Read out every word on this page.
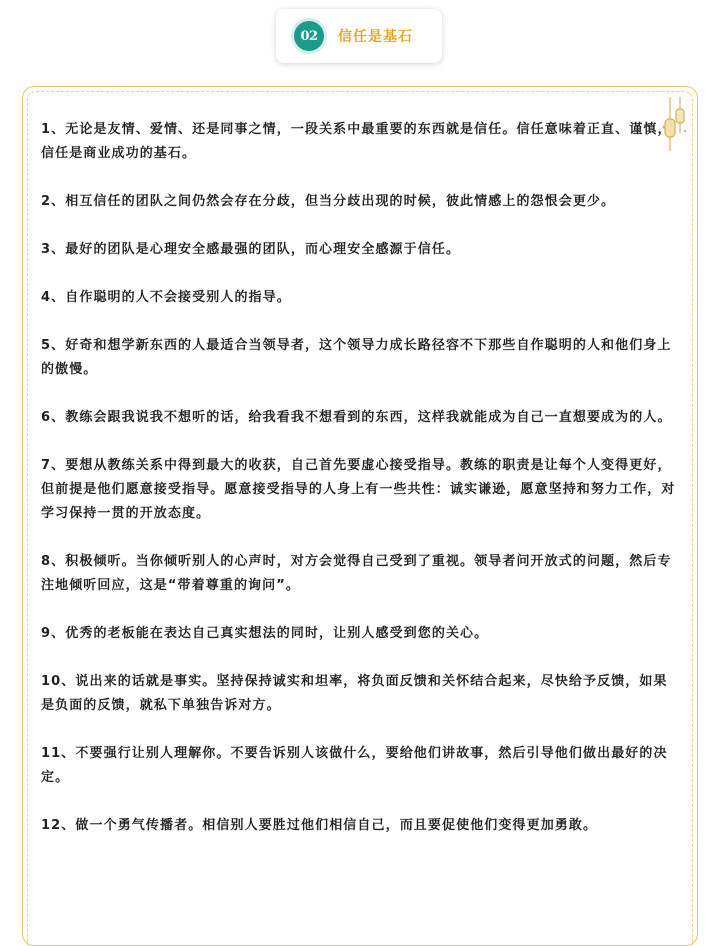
02	信任是基石
1、无论是友情、爱情、还是同事之情，一段关系中最重要的东西就是信任。信任意味着正直、谨慎，信任是商业成功的基石。
2、相互信任的团队之间仍然会存在分歧，但当分歧出现的时候，彼此情感上的怨恨会更少。
3、最好的团队是心理安全感最强的团队，而心理安全感源于信任。
4、自作聪明的人不会接受别人的指导。
5、好奇和想学新东西的人最适合当领导者，这个领导力成长路径容不下那些自作聪明的人和他们身上的傲慢。
6、教练会跟我说我不想听的话，给我看我不想看到的东西，这样我就能成为自己一直想要成为的人。
7、要想从教练关系中得到最大的收获，自己首先要虚心接受指导。教练的职责是让每个人变得更好，但前提是他们愿意接受指导。愿意接受指导的人身上有一些共性：诚实谦逊，愿意坚持和努力工作，对学习保持一贯的开放态度。
8、积极倾听。当你倾听别人的心声时，对方会觉得自己受到了重视。领导者问开放式的问题，然后专注地倾听回应，这是“带着尊重的询问”。
9、优秀的老板能在表达自己真实想法的同时，让别人感受到您的关心。
10、说出来的话就是事实。坚持保持诚实和坦率，将负面反馈和关怀结合起来，尽快给予反馈，如果是负面的反馈，就私下单独告诉对方。
11、不要强行让别人理解你。不要告诉别人该做什么，要给他们讲故事，然后引导他们做出最好的决定。
12、做一个勇气传播者。相信别人要胜过他们相信自己，而且要促使他们变得更加勇敢。
